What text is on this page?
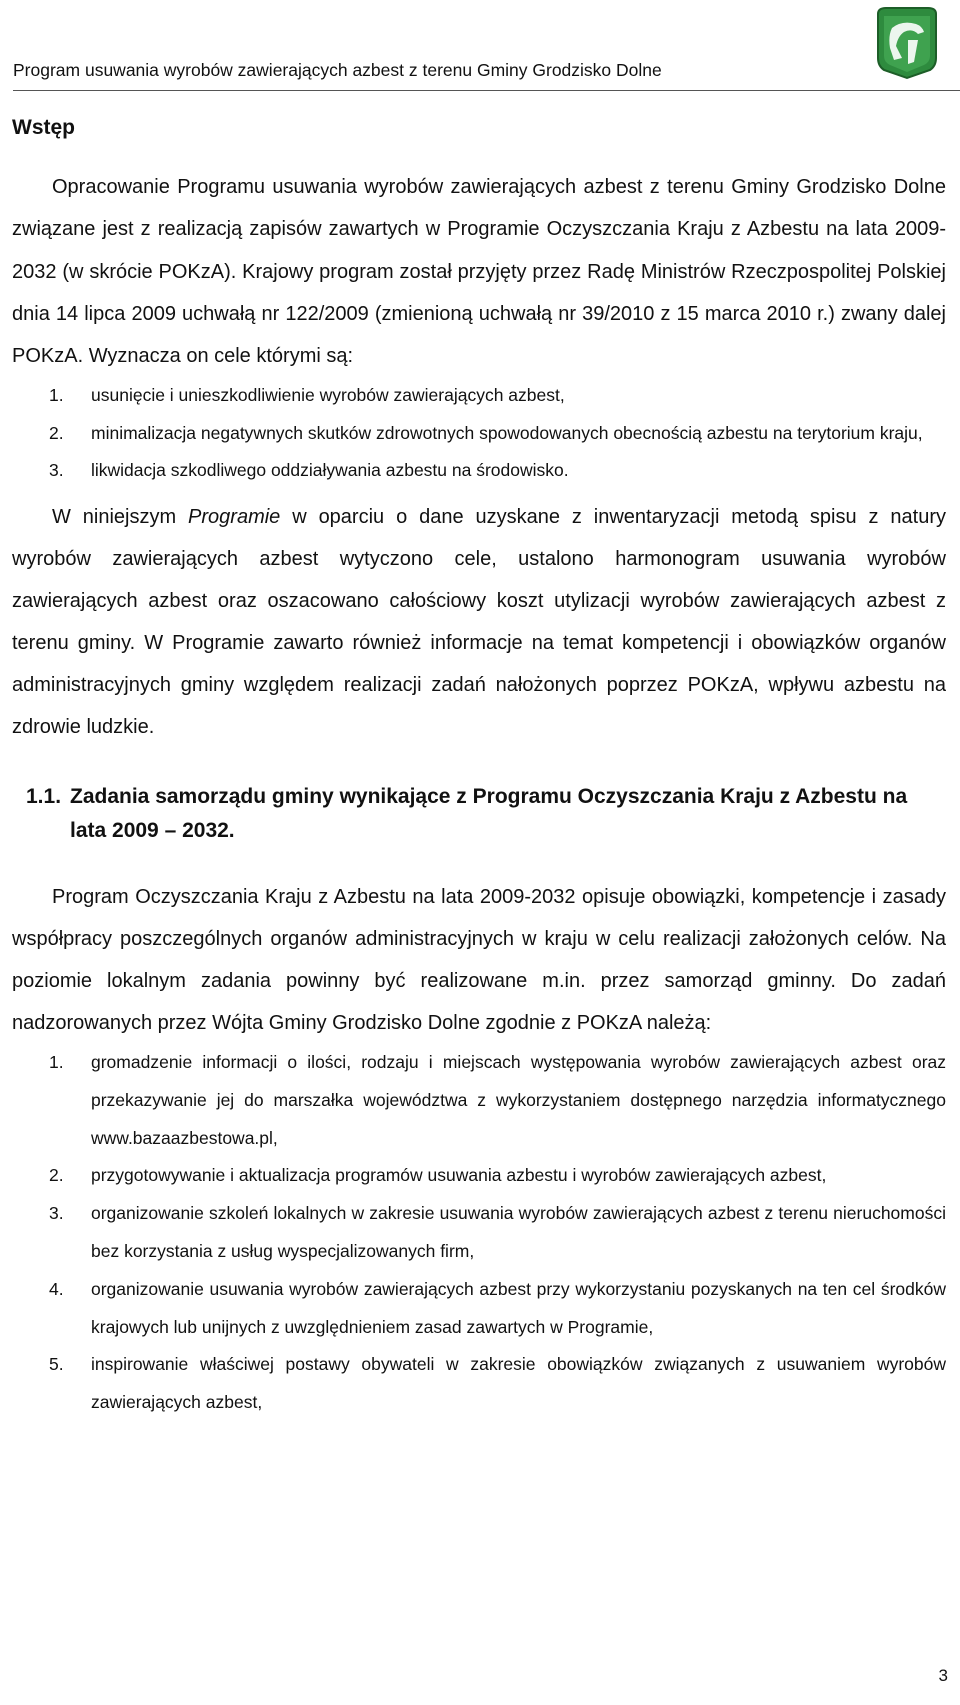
Program usuwania wyrobów zawierających azbest z terenu Gminy Grodzisko Dolne
Wstęp

Opracowanie Programu usuwania wyrobów zawierających azbest z terenu Gminy Grodzisko Dolne związane jest z realizacją zapisów zawartych w Programie Oczyszczania Kraju z Azbestu na lata 2009-2032 (w skrócie POKzA). Krajowy program został przyjęty przez Radę Ministrów Rzeczpospolitej Polskiej dnia 14 lipca 2009 uchwałą nr 122/2009 (zmienioną uchwałą nr 39/2010 z 15 marca 2010 r.) zwany dalej POKzA. Wyznacza on cele którymi są:

1. usunięcie i unieszkodliwienie wyrobów zawierających azbest,
2. minimalizacja negatywnych skutków zdrowotnych spowodowanych obecnością azbestu na terytorium kraju,
3. likwidacja szkodliwego oddziaływania azbestu na środowisko.

W niniejszym Programie w oparciu o dane uzyskane z inwentaryzacji metodą spisu z natury wyrobów zawierających azbest wytyczono cele, ustalono harmonogram usuwania wyrobów zawierających azbest oraz oszacowano całościowy koszt utylizacji wyrobów zawierających azbest z terenu gminy. W Programie zawarto również informacje na temat kompetencji i obowiązków organów administracyjnych gminy względem realizacji zadań nałożonych poprzez POKzA, wpływu azbestu na zdrowie ludzkie.

1.1. Zadania samorządu gminy wynikające z Programu Oczyszczania Kraju z Azbestu na lata 2009 – 2032.

Program Oczyszczania Kraju z Azbestu na lata 2009-2032 opisuje obowiązki, kompetencje i zasady współpracy poszczególnych organów administracyjnych w kraju w celu realizacji założonych celów. Na poziomie lokalnym zadania powinny być realizowane m.in. przez samorząd gminny. Do zadań nadzorowanych przez Wójta Gminy Grodzisko Dolne zgodnie z POKzA należą:

1. gromadzenie informacji o ilości, rodzaju i miejscach występowania wyrobów zawierających azbest oraz przekazywanie jej do marszałka województwa z wykorzystaniem dostępnego narzędzia informatycznego www.bazaazbestowa.pl,
2. przygotowywanie i aktualizacja programów usuwania azbestu i wyrobów zawierających azbest,
3. organizowanie szkoleń lokalnych w zakresie usuwania wyrobów zawierających azbest z terenu nieruchomości bez korzystania z usług wyspecjalizowanych firm,
4. organizowanie usuwania wyrobów zawierających azbest przy wykorzystaniu pozyskanych na ten cel środków krajowych lub unijnych z uwzględnieniem zasad zawartych w Programie,
5. inspirowanie właściwej postawy obywateli w zakresie obowiązków związanych z usuwaniem wyrobów zawierających azbest,
3
